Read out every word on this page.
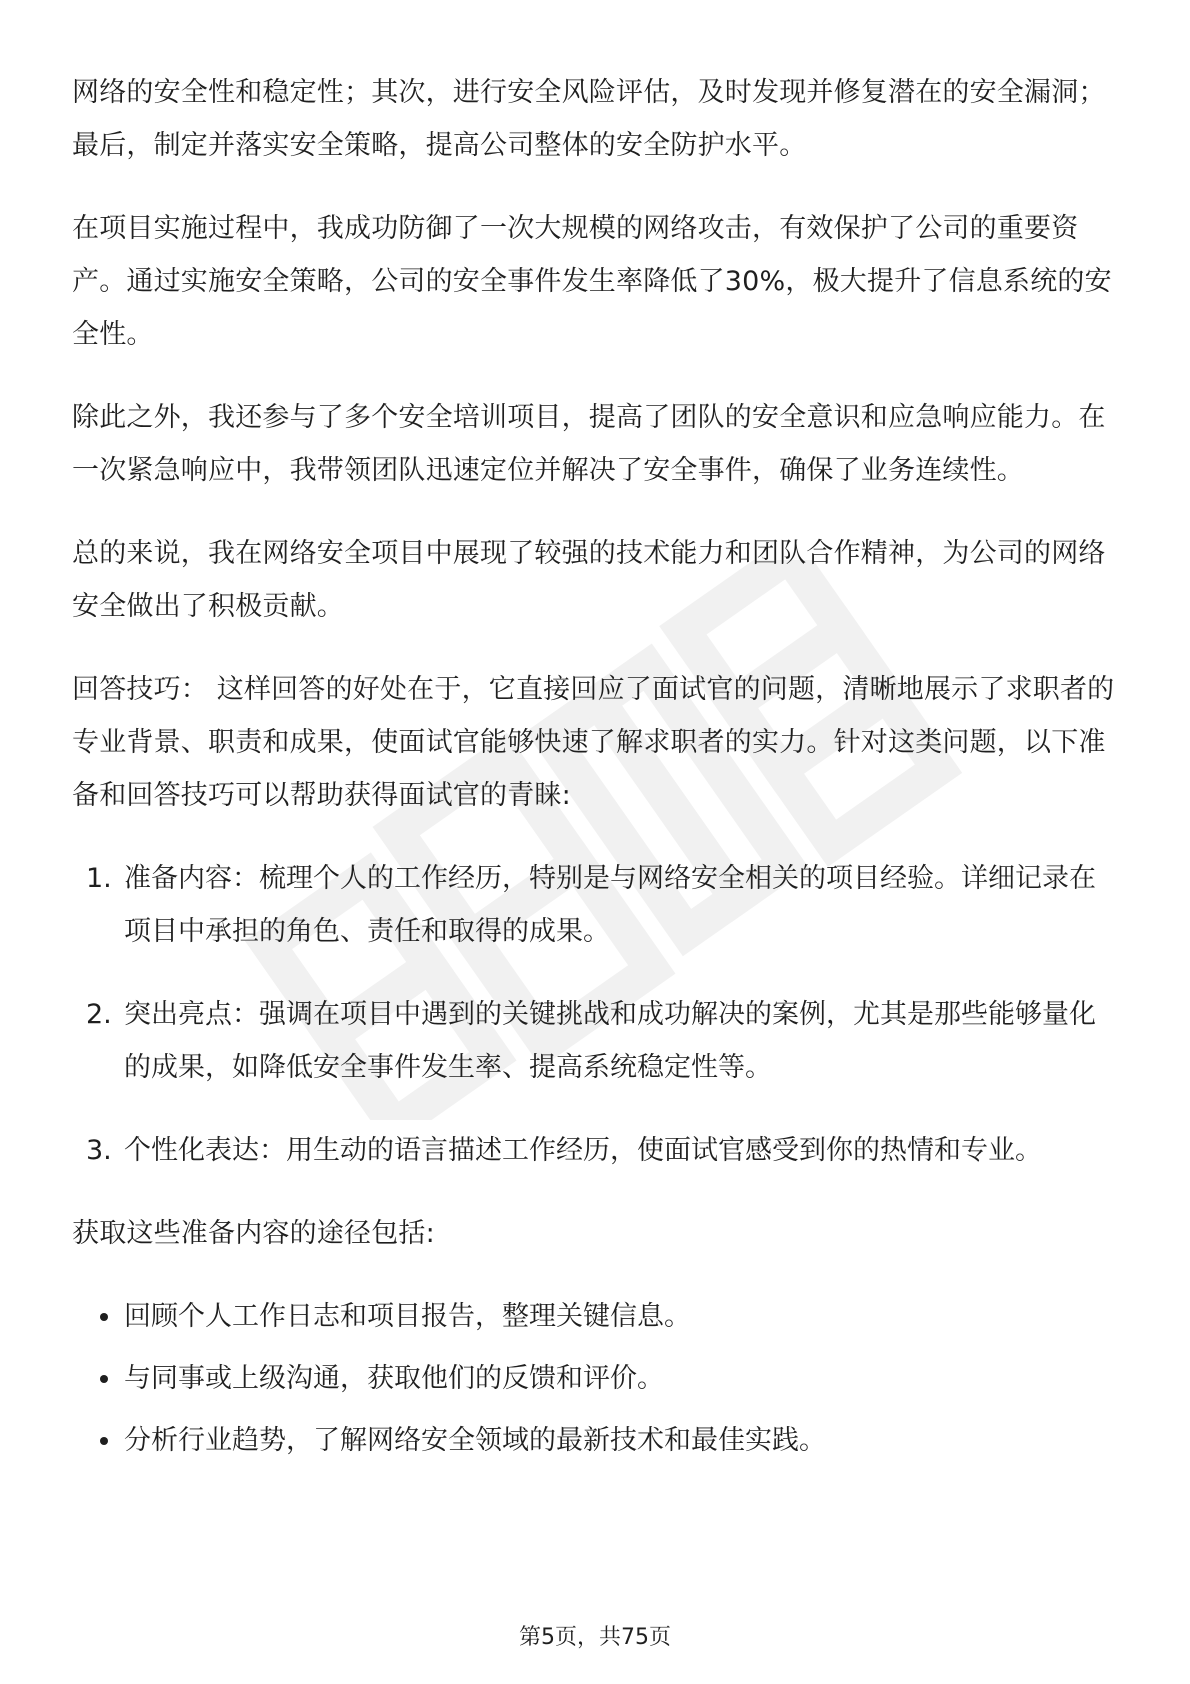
网络的安全性和稳定性；其次，进行安全风险评估，及时发现并修复潜在的安全漏洞；最后，制定并落实安全策略，提高公司整体的安全防护水平。

在项目实施过程中，我成功防御了一次大规模的网络攻击，有效保护了公司的重要资产。通过实施安全策略，公司的安全事件发生率降低了30%，极大提升了信息系统的安全性。

除此之外，我还参与了多个安全培训项目，提高了团队的安全意识和应急响应能力。在一次紧急响应中，我带领团队迅速定位并解决了安全事件，确保了业务连续性。

总的来说，我在网络安全项目中展现了较强的技术能力和团队合作精神，为公司的网络安全做出了积极贡献。

回答技巧： 这样回答的好处在于，它直接回应了面试官的问题，清晰地展示了求职者的专业背景、职责和成果，使面试官能够快速了解求职者的实力。针对这类问题，以下准备和回答技巧可以帮助获得面试官的青睐:

1. 准备内容：梳理个人的工作经历，特别是与网络安全相关的项目经验。详细记录在项目中承担的角色、责任和取得的成果。
2. 突出亮点：强调在项目中遇到的关键挑战和成功解决的案例，尤其是那些能够量化的成果，如降低安全事件发生率、提高系统稳定性等。
3. 个性化表达：用生动的语言描述工作经历，使面试官感受到你的热情和专业。

获取这些准备内容的途径包括:

回顾个人工作日志和项目报告，整理关键信息。
与同事或上级沟通，获取他们的反馈和评价。
分析行业趋势，了解网络安全领域的最新技术和最佳实践。
第5页，共75页
